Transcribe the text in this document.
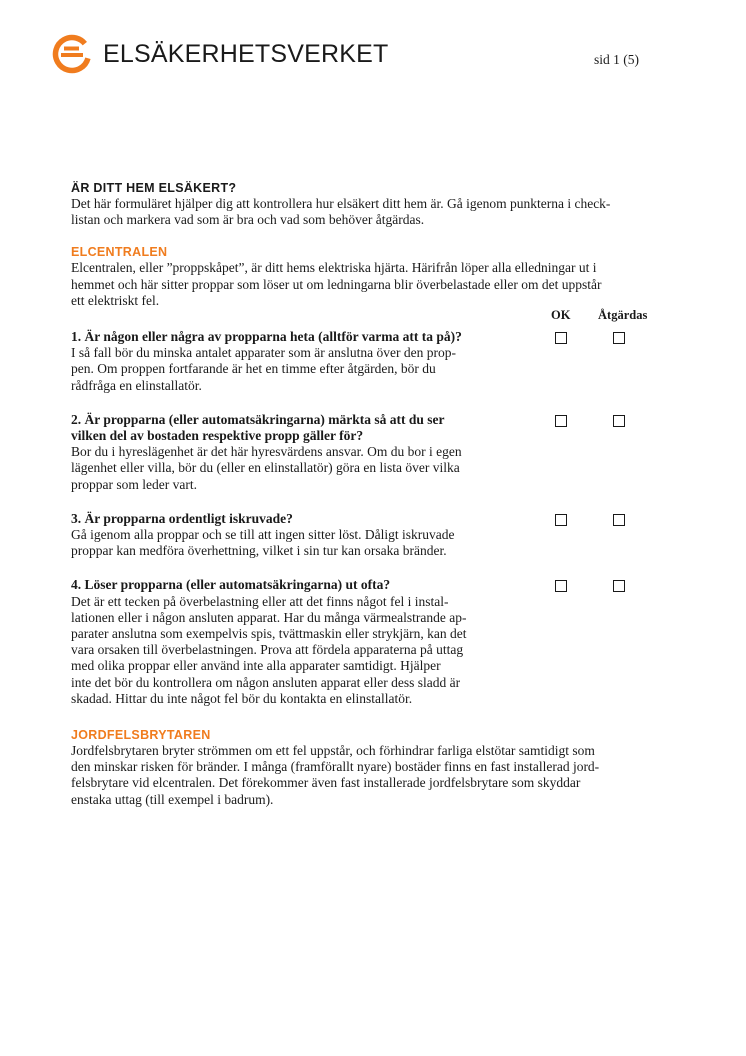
ELSÄKERHETSVERKET	sid 1 (5)
ÄR DITT HEM ELSÄKERT?

Det här formuläret hjälper dig att kontrollera hur elsäkert ditt hem är. Gå igenom punkterna i check-
listan och markera vad som är bra och vad som behöver åtgärdas.

ELCENTRALEN

Elcentralen, eller ”proppskåpet”, är ditt hems elektriska hjärta. Härifrån löper alla elledningar ut i
hemmet och här sitter proppar som löser ut om ledningarna blir överbelastade eller om det uppstår
ett elektriskt fel.

OK Åtgärdas
1. Är någon eller några av propparna heta (alltför varma att ta på)?

I så fall bör du minska antalet apparater som är anslutna över den prop-
pen. Om proppen fortfarande är het en timme efter åtgärden, bör du
rådfråga en elinstallatör.

2. Är propparna (eller automatsäkringarna) märkta så att du ser
vilken del av bostaden respektive propp gäller för?

Bor du i hyreslägenhet är det här hyresvärdens ansvar. Om du bor i egen
lägenhet eller villa, bör du (eller en elinstallatör) göra en lista över vilka
proppar som leder vart.

3. Är propparna ordentligt iskruvade?

Gå igenom alla proppar och se till att ingen sitter löst. Dåligt iskruvade
proppar kan medföra överhettning, vilket i sin tur kan orsaka bränder.

4. Löser propparna (eller automatsäkringarna) ut ofta?

Det är ett tecken på överbelastning eller att det finns något fel i instal-
lationen eller i någon ansluten apparat. Har du många värmealstrande ap-
parater anslutna som exempelvis spis, tvättmaskin eller strykjärn, kan det
vara orsaken till överbelastningen. Prova att fördela apparaterna på uttag
med olika proppar eller använd inte alla apparater samtidigt. Hjälper
inte det bör du kontrollera om någon ansluten apparat eller dess sladd är
skadad. Hittar du inte något fel bör du kontakta en elinstallatör.

JORDFELSBRYTAREN

Jordfelsbrytaren bryter strömmen om ett fel uppstår, och förhindrar farliga elstötar samtidigt som
den minskar risken för bränder. I många (framförallt nyare) bostäder finns en fast installerad jord-
felsbrytare vid elcentralen. Det förekommer även fast installerade jordfelsbrytare som skyddar
enstaka uttag (till exempel i badrum).
